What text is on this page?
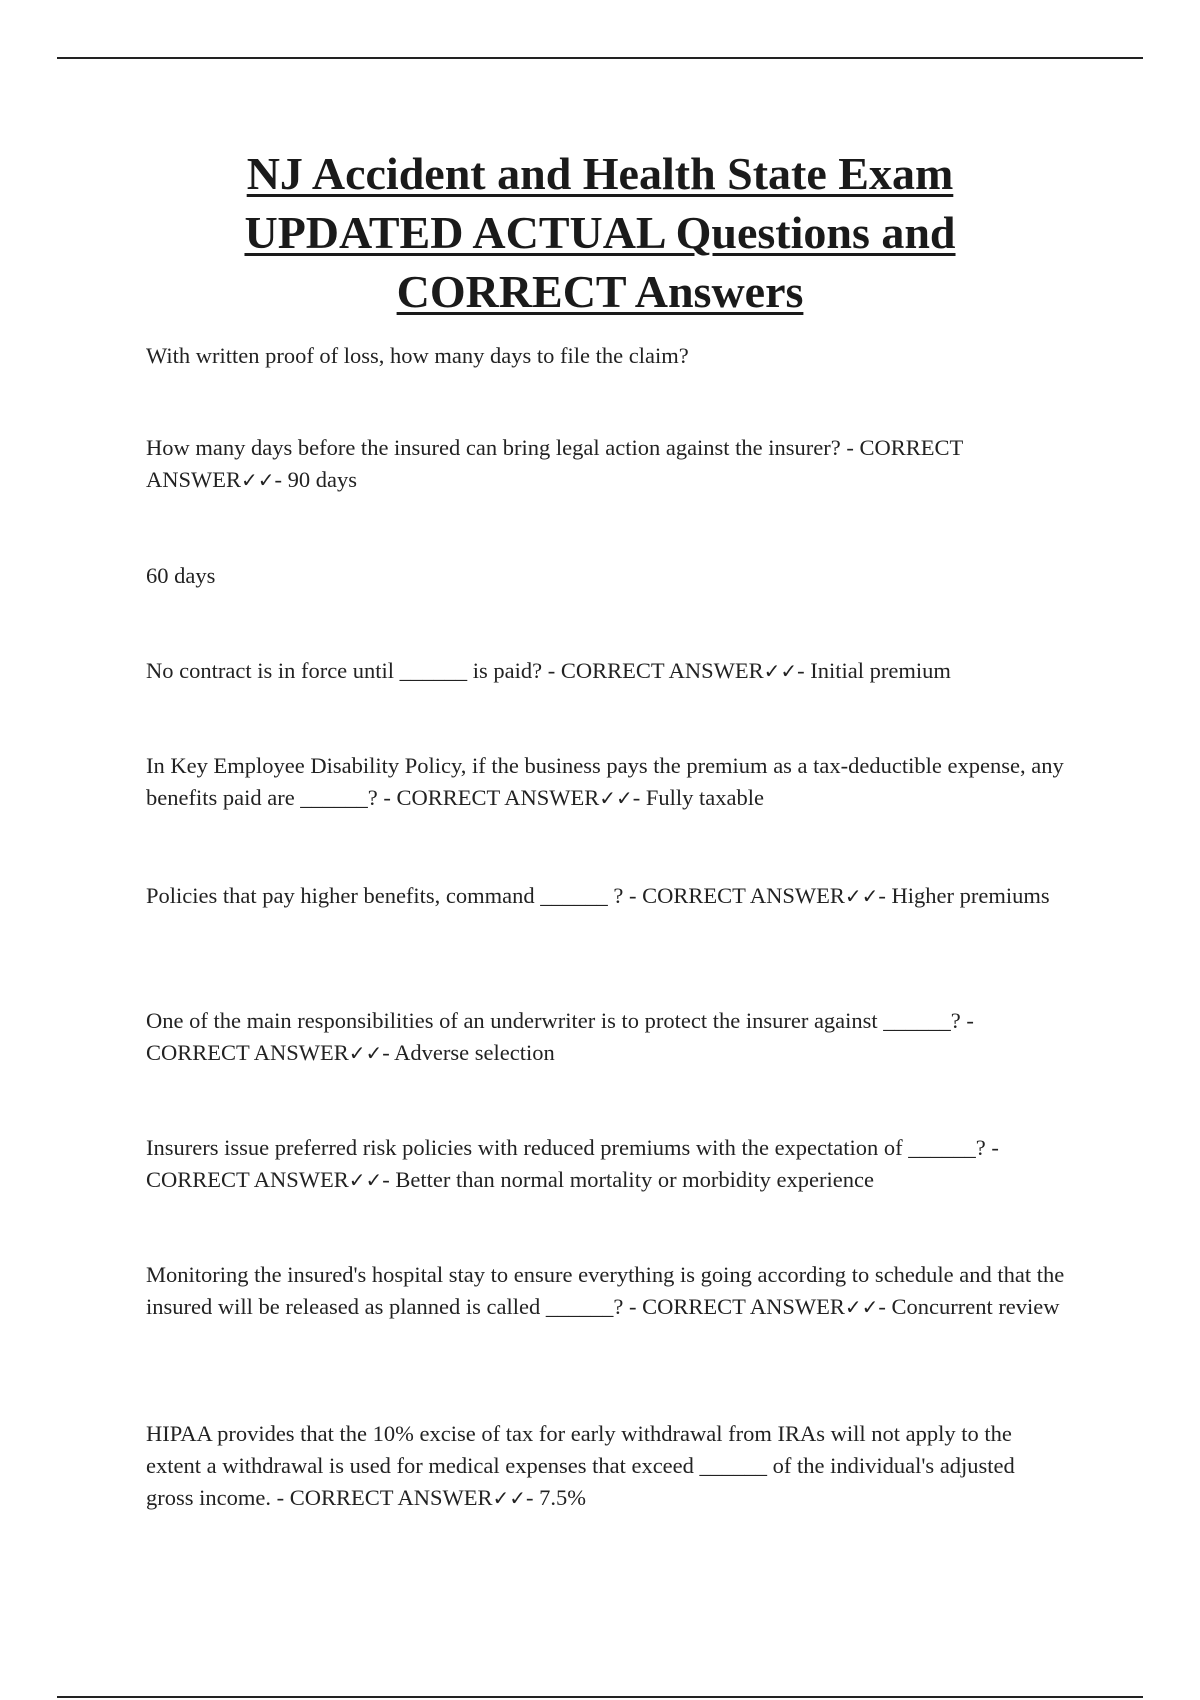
NJ Accident and Health State Exam
UPDATED ACTUAL Questions and
CORRECT Answers

With written proof of loss, how many days to file the claim?

How many days before the insured can bring legal action against the insurer? - CORRECT ANSWER✓✓- 90 days

60 days

No contract is in force until ______ is paid? - CORRECT ANSWER✓✓- Initial premium

In Key Employee Disability Policy, if the business pays the premium as a tax-deductible expense, any benefits paid are ______? - CORRECT ANSWER✓✓- Fully taxable

Policies that pay higher benefits, command ______ ? - CORRECT ANSWER✓✓- Higher premiums

One of the main responsibilities of an underwriter is to protect the insurer against ______? - CORRECT ANSWER✓✓- Adverse selection

Insurers issue preferred risk policies with reduced premiums with the expectation of ______? - CORRECT ANSWER✓✓- Better than normal mortality or morbidity experience

Monitoring the insured's hospital stay to ensure everything is going according to schedule and that the insured will be released as planned is called ______? - CORRECT ANSWER✓✓- Concurrent review

HIPAA provides that the 10% excise of tax for early withdrawal from IRAs will not apply to the extent a withdrawal is used for medical expenses that exceed ______ of the individual's adjusted gross income. - CORRECT ANSWER✓✓- 7.5%
